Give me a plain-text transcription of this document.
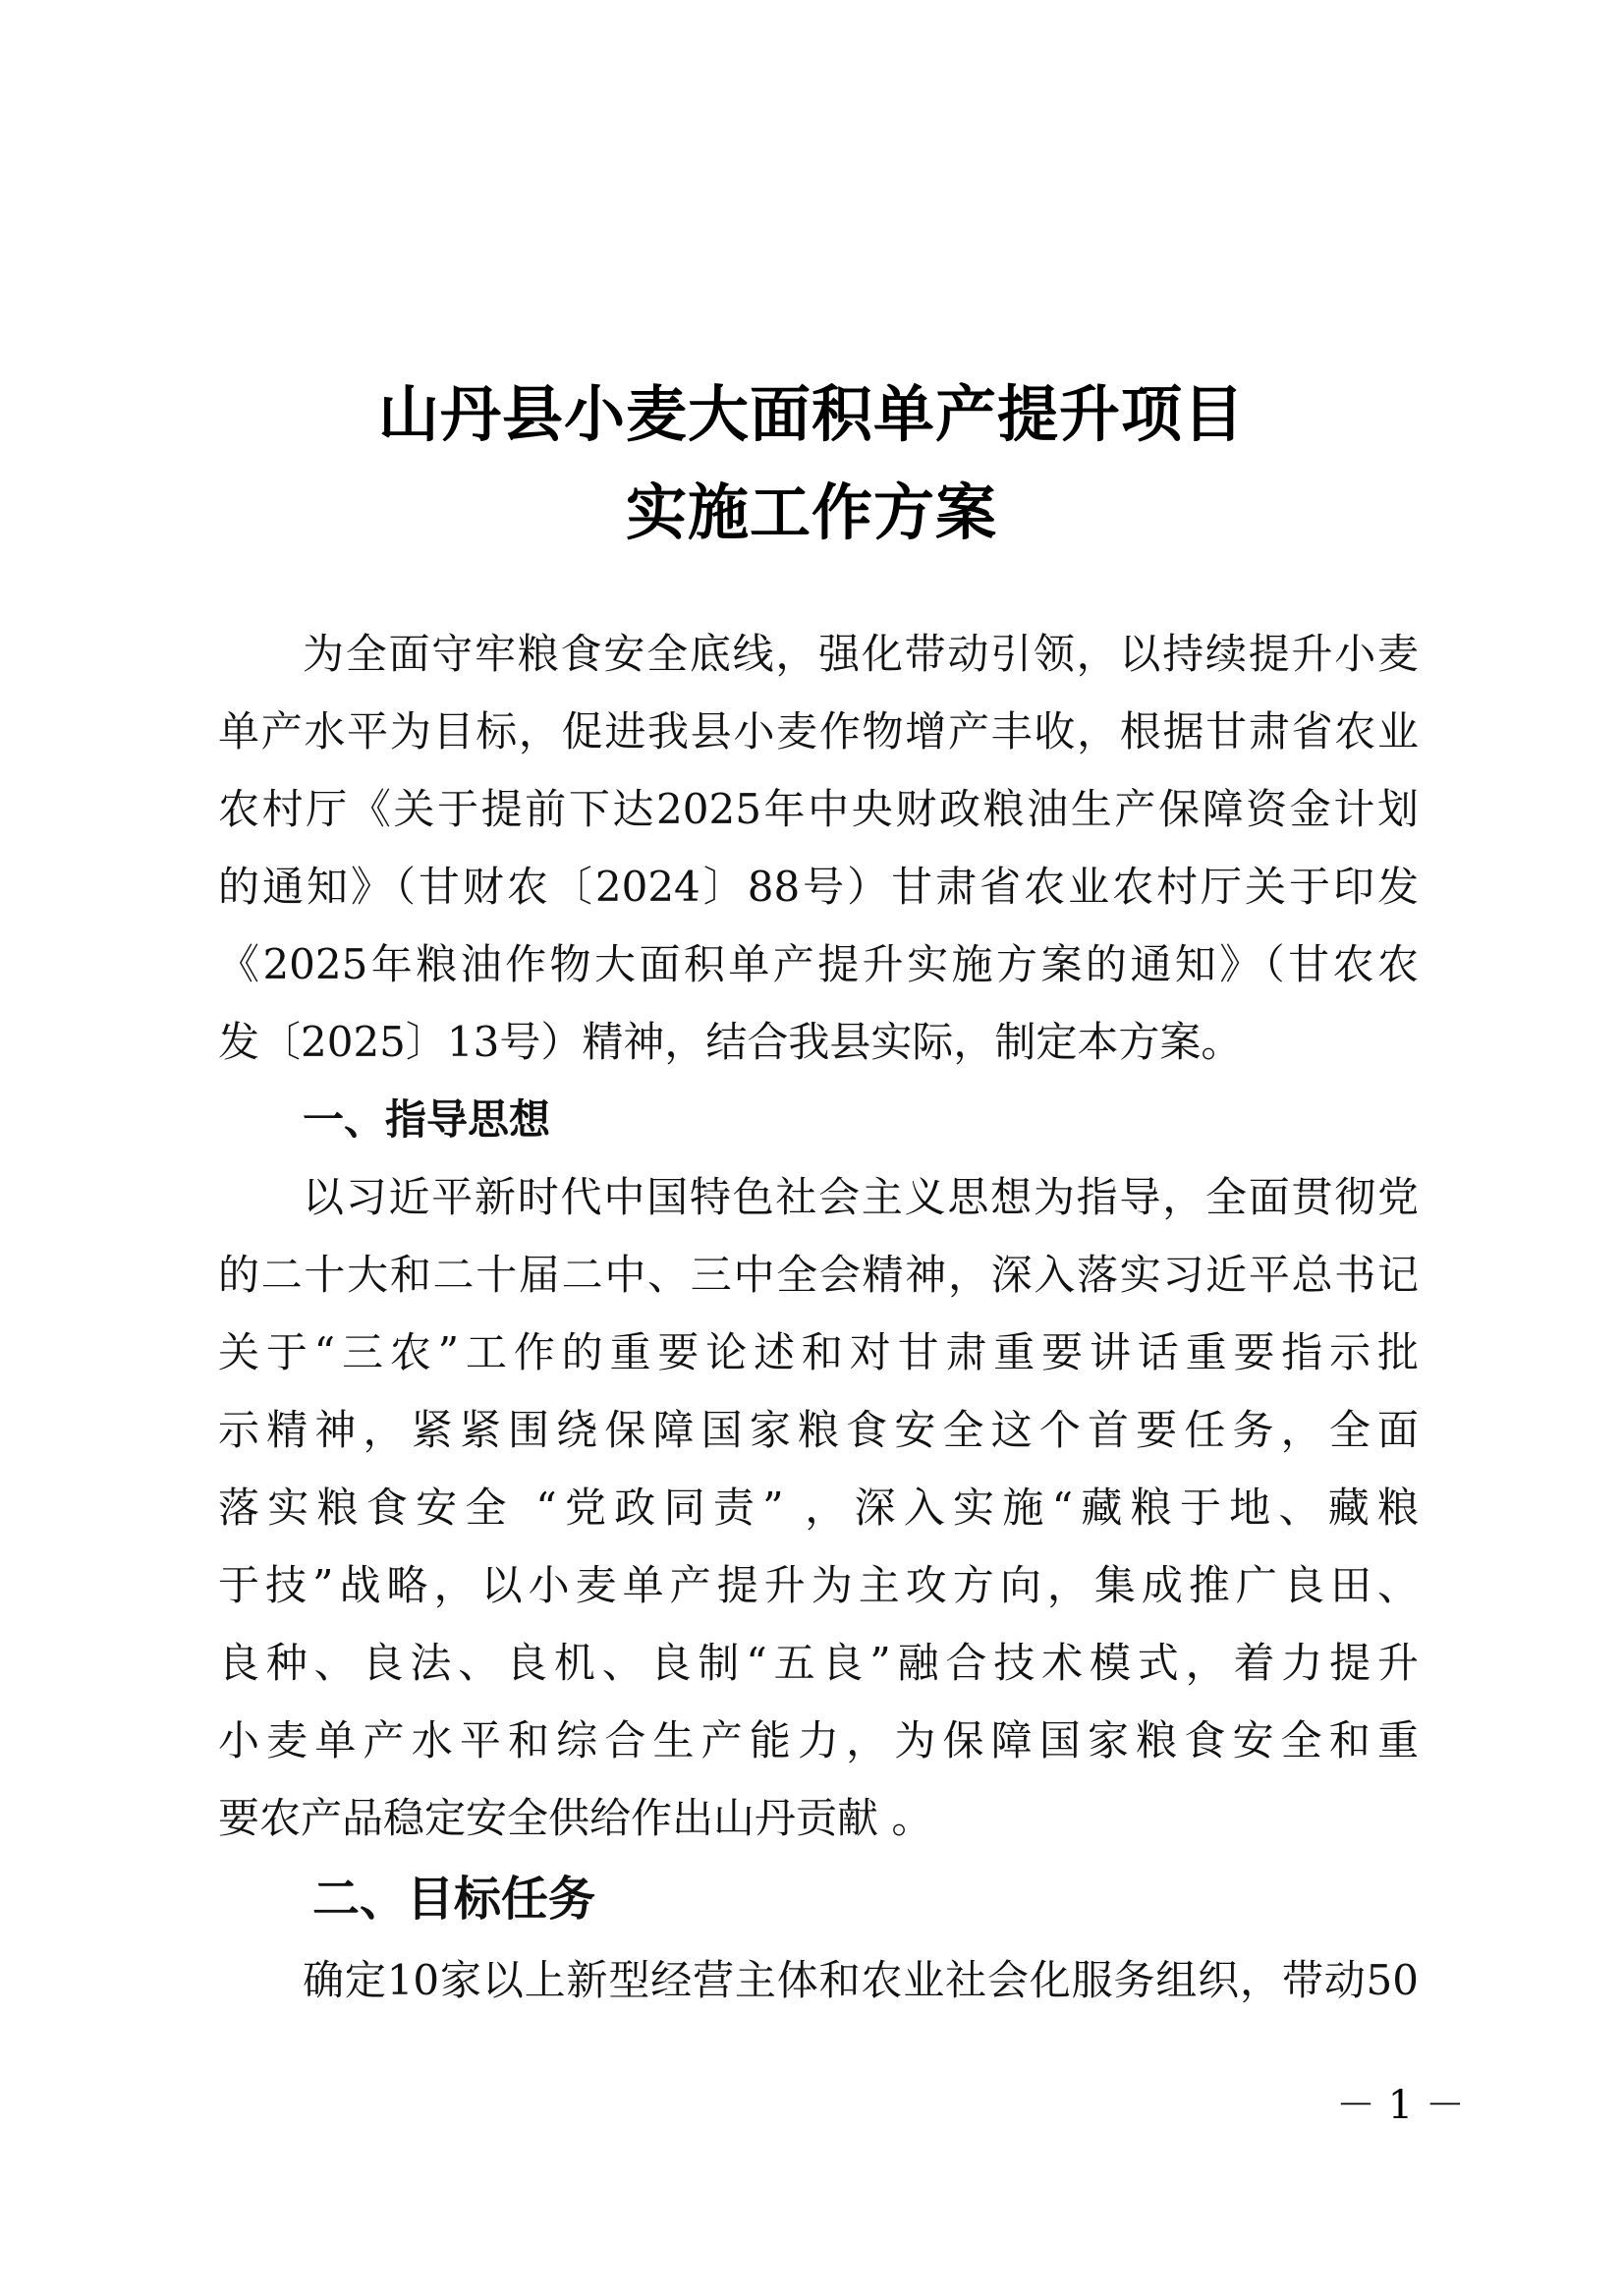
山丹县小麦大面积单产提升项目
实施工作方案
为全面守牢粮食安全底线，强化带动引领，以持续提升小麦
单产水平为目标，促进我县小麦作物增产丰收，根据甘肃省农业
农村厅《关于提前下达2025年中央财政粮油生产保障资金计划
的通知》（甘财农〔2024〕88号）甘肃省农业农村厅关于印发
《2025年粮油作物大面积单产提升实施方案的通知》（甘农农
发〔2025〕13号）精神，结合我县实际，制定本方案。
一、指导思想
以习近平新时代中国特色社会主义思想为指导，全面贯彻党
的二十大和二十届二中、三中全会精神，深入落实习近平总书记
关于“三农”工作的重要论述和对甘肃重要讲话重要指示批
示精神，紧紧围绕保障国家粮食安全这个首要任务，全面
落实粮食安全 “党政同责” ，深入实施“藏粮于地、藏粮
于技”战略，以小麦单产提升为主攻方向，集成推广良田、
良种、良法、良机、良制“五良”融合技术模式，着力提升
小麦单产水平和综合生产能力，为保障国家粮食安全和重
要农产品稳定安全供给作出山丹贡献 。
二、目标任务
确定10家以上新型经营主体和农业社会化服务组织，带动50
－ 1 －
